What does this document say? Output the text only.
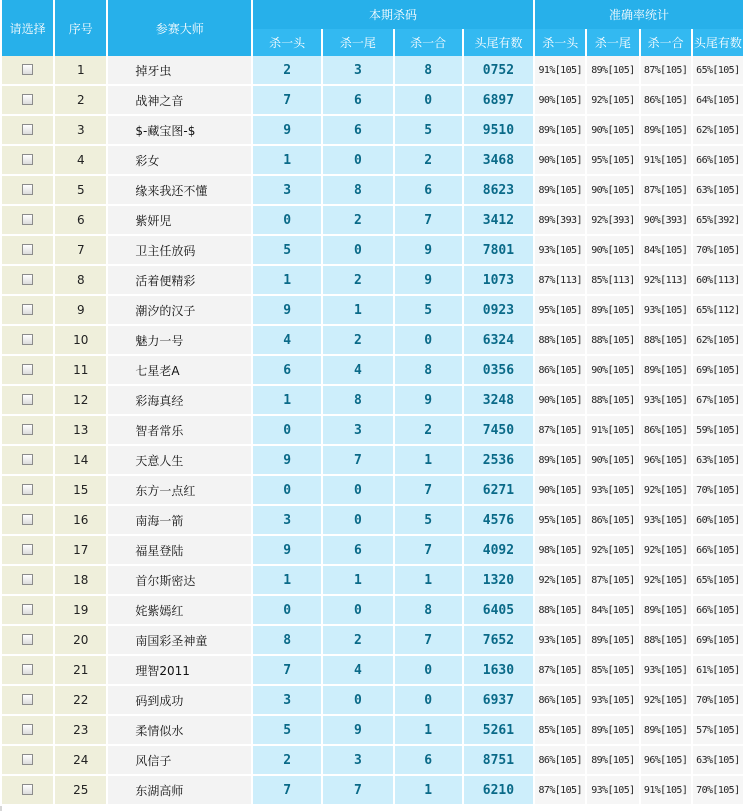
请选择	序号	参赛大师	本期杀码				准确率统计			
			杀一头	杀一尾	杀一合	头尾有数	杀一头	杀一尾	杀一合	头尾有数
	1	掉牙虫	2	3	8	0752	91%[105]	89%[105]	87%[105]	65%[105]
	2	战神之音	7	6	0	6897	90%[105]	92%[105]	86%[105]	64%[105]
	3	$-藏宝图-$	9	6	5	9510	89%[105]	90%[105]	89%[105]	62%[105]
	4	彩女	1	0	2	3468	90%[105]	95%[105]	91%[105]	66%[105]
	5	缘来我还不懂	3	8	6	8623	89%[105]	90%[105]	87%[105]	63%[105]
	6	紫妍児	0	2	7	3412	89%[393]	92%[393]	90%[393]	65%[392]
	7	卫主任放码	5	0	9	7801	93%[105]	90%[105]	84%[105]	70%[105]
	8	活着便精彩	1	2	9	1073	87%[113]	85%[113]	92%[113]	60%[113]
	9	潮汐的汉子	9	1	5	0923	95%[105]	89%[105]	93%[105]	65%[112]
	10	魅力一号	4	2	0	6324	88%[105]	88%[105]	88%[105]	62%[105]
	11	七星老A	6	4	8	0356	86%[105]	90%[105]	89%[105]	69%[105]
	12	彩海真经	1	8	9	3248	90%[105]	88%[105]	93%[105]	67%[105]
	13	智者常乐	0	3	2	7450	87%[105]	91%[105]	86%[105]	59%[105]
	14	天意人生	9	7	1	2536	89%[105]	90%[105]	96%[105]	63%[105]
	15	东方一点红	0	0	7	6271	90%[105]	93%[105]	92%[105]	70%[105]
	16	南海一箭	3	0	5	4576	95%[105]	86%[105]	93%[105]	60%[105]
	17	福星登陆	9	6	7	4092	98%[105]	92%[105]	92%[105]	66%[105]
	18	首尔斯密达	1	1	1	1320	92%[105]	87%[105]	92%[105]	65%[105]
	19	姹紫嫣红	0	0	8	6405	88%[105]	84%[105]	89%[105]	66%[105]
	20	南国彩圣神童	8	2	7	7652	93%[105]	89%[105]	88%[105]	69%[105]
	21	理智2011	7	4	0	1630	87%[105]	85%[105]	93%[105]	61%[105]
	22	码到成功	3	0	0	6937	86%[105]	93%[105]	92%[105]	70%[105]
	23	柔情似水	5	9	1	5261	85%[105]	89%[105]	89%[105]	57%[105]
	24	风信子	2	3	6	8751	86%[105]	89%[105]	96%[105]	63%[105]
	25	东湖高师	7	7	1	6210	87%[105]	93%[105]	91%[105]	70%[105]
